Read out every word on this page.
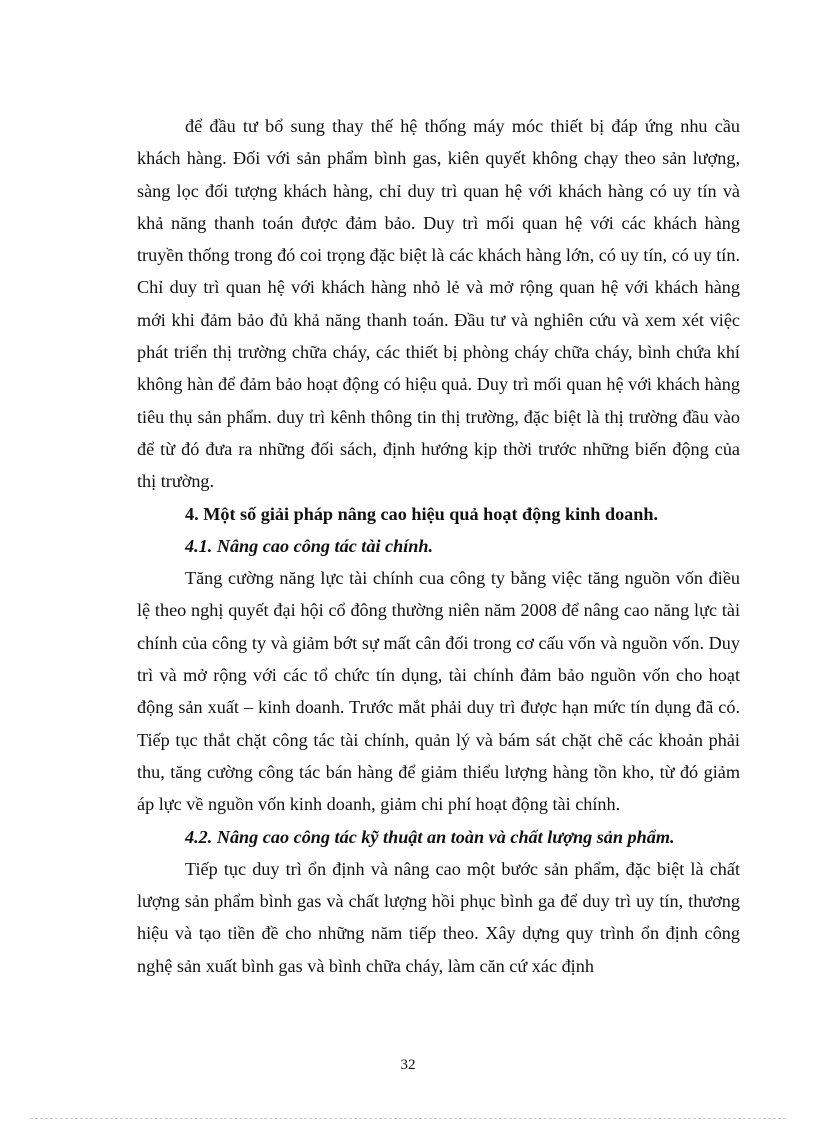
để đầu tư bổ sung thay thế hệ thống máy móc thiết bị đáp ứng nhu cầu khách hàng. Đối với sản phẩm bình gas, kiên quyết không chạy theo sản lượng, sàng lọc đối tượng khách hàng, chỉ duy trì quan hệ với khách hàng có uy tín và khả năng thanh toán được đảm bảo. Duy trì mối quan hệ với các khách hàng truyền thống trong đó coi trọng đặc biệt là các khách hàng lớn, có uy tín, có uy tín. Chỉ duy trì quan hệ với khách hàng nhỏ lẻ và mở rộng quan hệ với khách hàng mới khi đảm bảo đủ khả năng thanh toán. Đầu tư và nghiên cứu và xem xét việc phát triển thị trường chữa cháy, các thiết bị phòng cháy chữa cháy, bình chứa khí không hàn để đảm bảo hoạt động có hiệu quả. Duy trì mối quan hệ với khách hàng tiêu thụ sản phẩm. duy trì kênh thông tin thị trường, đặc biệt là thị trường đầu vào để từ đó đưa ra những đối sách, định hướng kịp thời trước những biến động của thị trường.

4. Một số giải pháp nâng cao hiệu quả hoạt động kinh doanh.
4.1. Nâng cao công tác tài chính.

Tăng cường năng lực tài chính cua công ty bằng việc tăng nguồn vốn điều lệ theo nghị quyết đại hội cổ đông thường niên năm 2008 để nâng cao năng lực tài chính của công ty và giảm bớt sự mất cân đối trong cơ cấu vốn và nguồn vốn. Duy trì và mở rộng với các tổ chức tín dụng, tài chính đảm bảo nguồn vốn cho hoạt động sản xuất – kinh doanh. Trước mắt phải duy trì được hạn mức tín dụng đã có. Tiếp tục thắt chặt công tác tài chính, quản lý và bám sát chặt chẽ các khoản phải thu, tăng cường công tác bán hàng để giảm thiểu lượng hàng tồn kho, từ đó giảm áp lực về nguồn vốn kinh doanh, giảm chi phí hoạt động tài chính.

4.2. Nâng cao công tác kỹ thuật an toàn và chất lượng sản phẩm.

Tiếp tục duy trì ổn định và nâng cao một bước sản phẩm, đặc biệt là chất lượng sản phẩm bình gas và chất lượng hồi phục bình ga để duy trì uy tín, thương hiệu và tạo tiền đề cho những năm tiếp theo. Xây dựng quy trình ổn định công nghệ sản xuất bình gas và bình chữa cháy, làm căn cứ xác định

32
